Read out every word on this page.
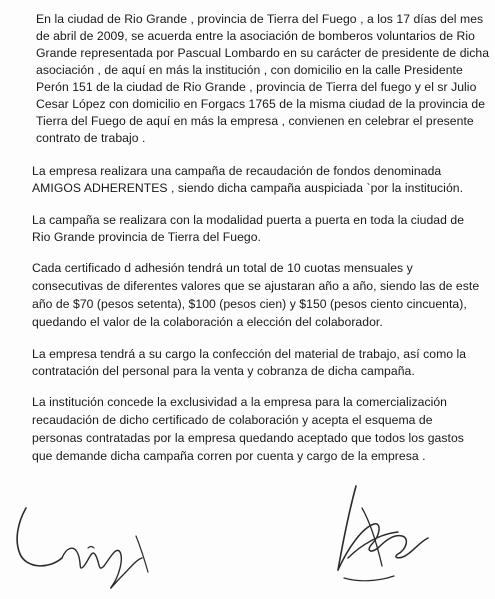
En la ciudad de Rio Grande , provincia de Tierra del Fuego , a los 17 días del mes
de abril de 2009, se acuerda entre la asociación de bomberos voluntarios de Rio
Grande representada por Pascual Lombardo en su carácter de presidente de dicha
asociación , de aquí en más la institución , con domicilio en la calle Presidente
Perón 151 de la ciudad de Rio Grande , provincia de Tierra del fuego y el sr Julio
Cesar López con domicilio en Forgacs 1765 de la misma ciudad de la provincia de
Tierra del Fuego de aquí en más la empresa , convienen en celebrar el presente
contrato de trabajo .
La empresa realizara una campaña de recaudación de fondos denominada
AMIGOS ADHERENTES , siendo dicha campaña auspiciada `por la institución.
La campaña se realizara con la modalidad puerta a puerta en toda la ciudad de
Rio Grande provincia de Tierra del Fuego.
Cada certificado d adhesión tendrá un total de 10 cuotas mensuales y
consecutivas de diferentes valores que se ajustaran año a año, siendo las de este
año de $70 (pesos setenta), $100 (pesos cien) y $150 (pesos ciento cincuenta),
quedando el valor de la colaboración a elección del colaborador.
La empresa tendrá a su cargo la confección del material de trabajo, así como la
contratación del personal para la venta y cobranza de dicha campaña.
La institución concede la exclusividad a la empresa para la comercialización
recaudación de dicho certificado de colaboración y acepta el esquema de
personas contratadas por la empresa quedando aceptado que todos los gastos
que demande dicha campaña corren por cuenta y cargo de la empresa .
